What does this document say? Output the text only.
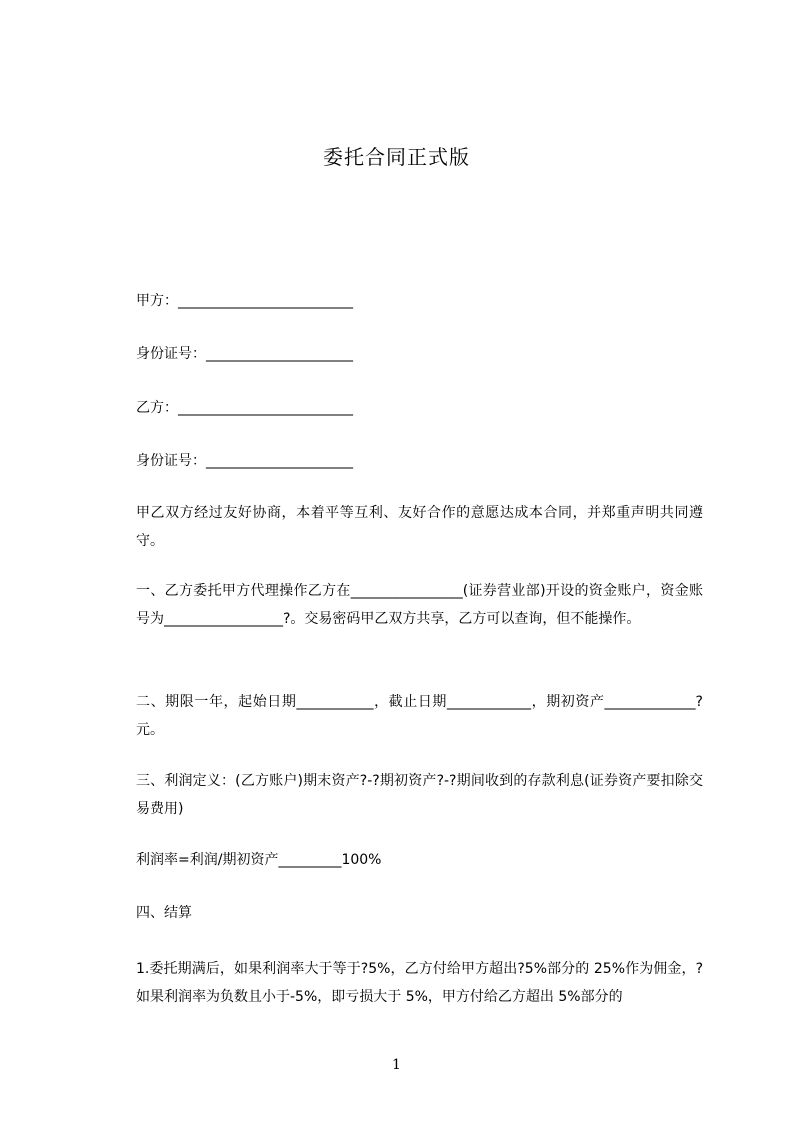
委托合同正式版
甲方：_________________________
身份证号：_____________________
乙方：_________________________
身份证号：_____________________
甲乙双方经过友好协商，本着平等互利、友好合作的意愿达成本合同，并郑重声明共同遵守。
一、乙方委托甲方代理操作乙方在________________(证券营业部)开设的资金账户，资金账号为_________________?。交易密码甲乙双方共享，乙方可以查询，但不能操作。
二、期限一年，起始日期___________，截止日期____________，期初资产_____________?元。
三、利润定义：(乙方账户)期末资产?-?期初资产?-?期间收到的存款利息(证券资产要扣除交易费用)
利润率=利润/期初资产_________100%
四、结算
1.委托期满后，如果利润率大于等于?5%，乙方付给甲方超出?5%部分的 25%作为佣金，?如果利润率为负数且小于-5%，即亏损大于 5%，甲方付给乙方超出 5%部分的
1
